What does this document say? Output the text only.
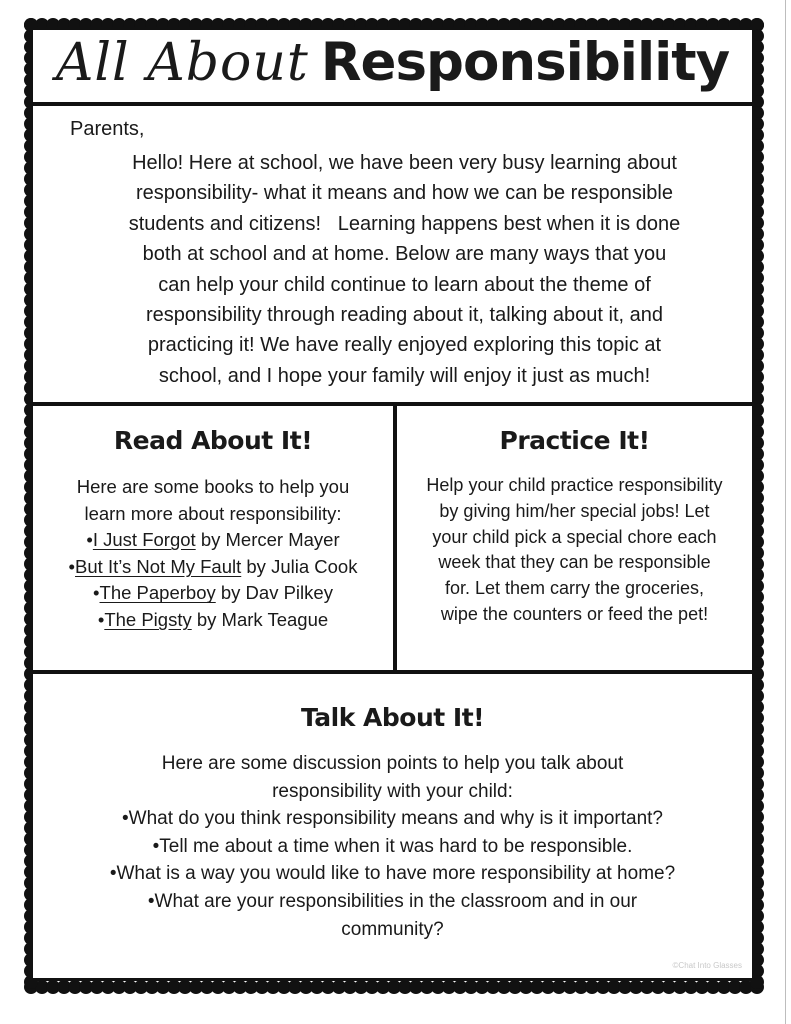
All About Responsibility
Parents,
Hello! Here at school, we have been very busy learning about
responsibility- what it means and how we can be responsible
students and citizens!   Learning happens best when it is done
both at school and at home. Below are many ways that you
can help your child continue to learn about the theme of
responsibility through reading about it, talking about it, and
practicing it! We have really enjoyed exploring this topic at
school, and I hope your family will enjoy it just as much!
Read About It!
Here are some books to help you
learn more about responsibility:
•I Just Forgot by Mercer Mayer
•But It’s Not My Fault by Julia Cook
•The Paperboy by Dav Pilkey
•The Pigsty by Mark Teague
Practice It!
Help your child practice responsibility
by giving him/her special jobs! Let
your child pick a special chore each
week that they can be responsible
for. Let them carry the groceries,
wipe the counters or feed the pet!
Talk About It!
Here are some discussion points to help you talk about
responsibility with your child:
•What do you think responsibility means and why is it important?
•Tell me about a time when it was hard to be responsible.
•What is a way you would like to have more responsibility at home?
•What are your responsibilities in the classroom and in our
community?
©Chat Into Glasses
